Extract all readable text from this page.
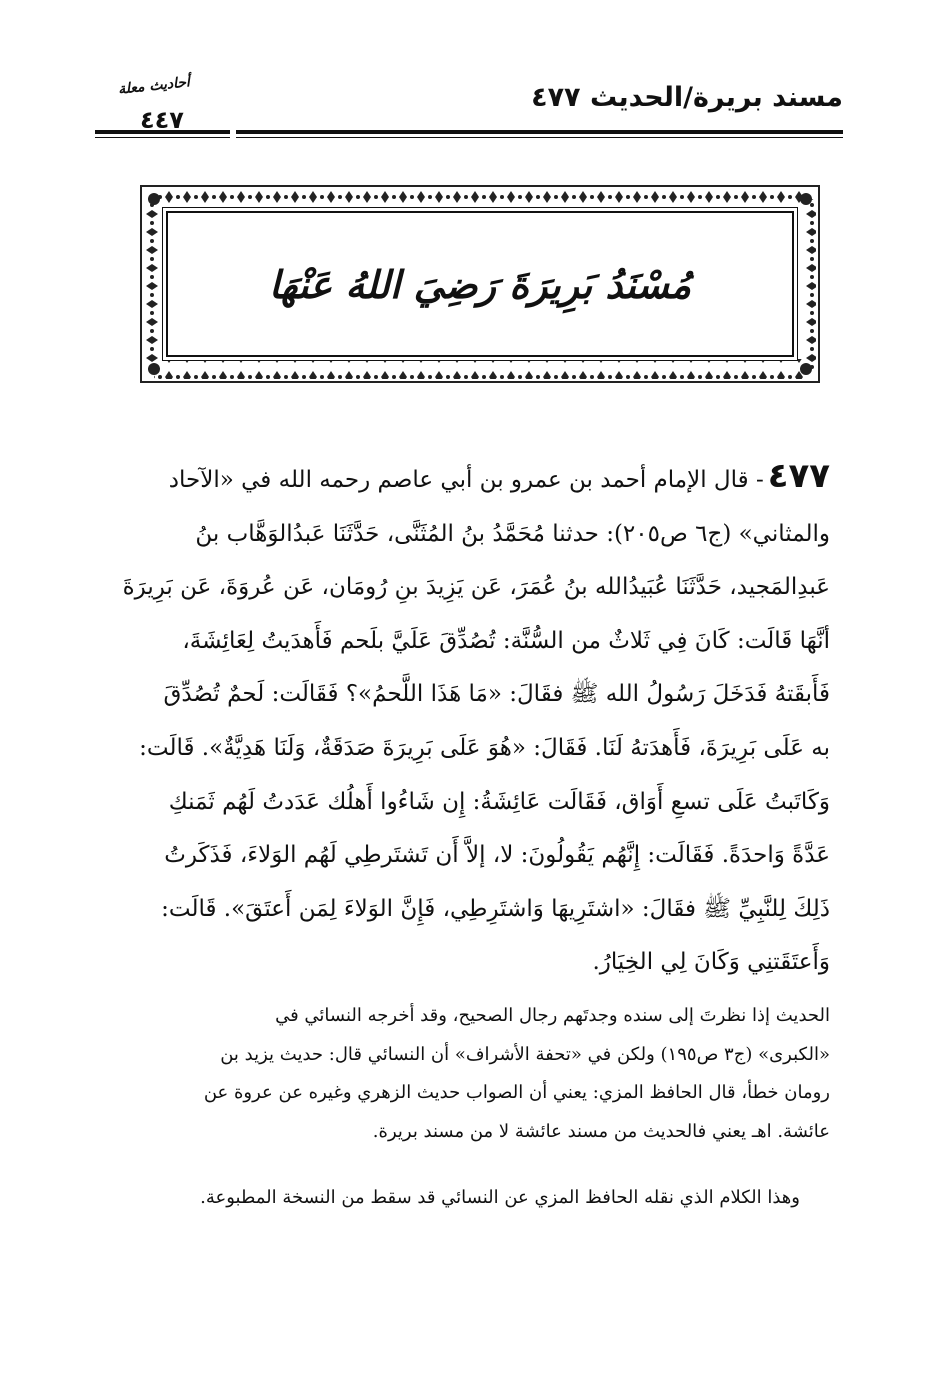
مسند بريرة/الحديث ٤٧٧
أحاديث معلة
٤٤٧
مُسْنَدُ بَرِيرَةَ رَضِيَ اللهُ عَنْهَا
٤٧٧- قال الإمام أحمد بن عمرو بن أبي عاصم رحمه الله في «الآحاد
والمثاني» (ج٦ ص٢٠٥): حدثنا مُحَمَّدُ بنُ المُثَنَّى، حَدَّثَنَا عَبدُالوَهَّاب بنُ
عَبدِالمَجيد، حَدَّثَنَا عُبَيدُالله بنُ عُمَرَ، عَن يَزِيدَ بنِ رُومَان، عَن عُروَةَ، عَن بَرِيرَةَ
أنَّهَا قَالَت: كَانَ فِي ثَلاثٌ من السُّنَّة: تُصُدِّقَ عَلَيَّ بلَحم فَأَهدَيتُ لِعَائِشَةَ،
فَأَبقَتهُ فَدَخَلَ رَسُولُ الله ﷺ فقَالَ: «مَا هَذَا اللَّحمُ»؟ فَقَالَت: لَحمٌ تُصُدِّقَ
به عَلَى بَرِيرَةَ، فَأَهدَتهُ لَنَا. فَقَالَ: «هُوَ عَلَى بَرِيرَةَ صَدَقَةٌ، وَلَنَا هَدِيَّةٌ». قَالَت:
وَكَاتَبتُ عَلَى تسعِ أَوَاق، فَقَالَت عَائِشَةُ: إِن شَاءُوا أَهلُك عَدَدتُ لَهُم ثَمَنكِ
عَدَّةً وَاحدَةً. فَقَالَت: إِنَّهُم يَقُولُونَ: لا، إلاَّ أَن تَشتَرطِي لَهُم الوَلاءَ، فَذَكَرتُ
ذَلِكَ لِلنَّبِيِّ ﷺ فقَالَ: «اشتَرِيهَا وَاشتَرِطِي، فَإِنَّ الوَلاءَ لِمَن أَعتَقَ». قَالَت:
وَأَعتَقَتنِي وَكَانَ لِي الخِيَارُ.
الحديث إذا نظرتَ إلى سنده وجدتَهم رجال الصحيح، وقد أخرجه النسائي في
«الكبرى» (ج٣ ص١٩٥) ولكن في «تحفة الأشراف» أن النسائي قال: حديث يزيد بن
رومان خطأ، قال الحافظ المزي: يعني أن الصواب حديث الزهري وغيره عن عروة عن
عائشة. اهـ يعني فالحديث من مسند عائشة لا من مسند بريرة.
وهذا الكلام الذي نقله الحافظ المزي عن النسائي قد سقط من النسخة المطبوعة.
